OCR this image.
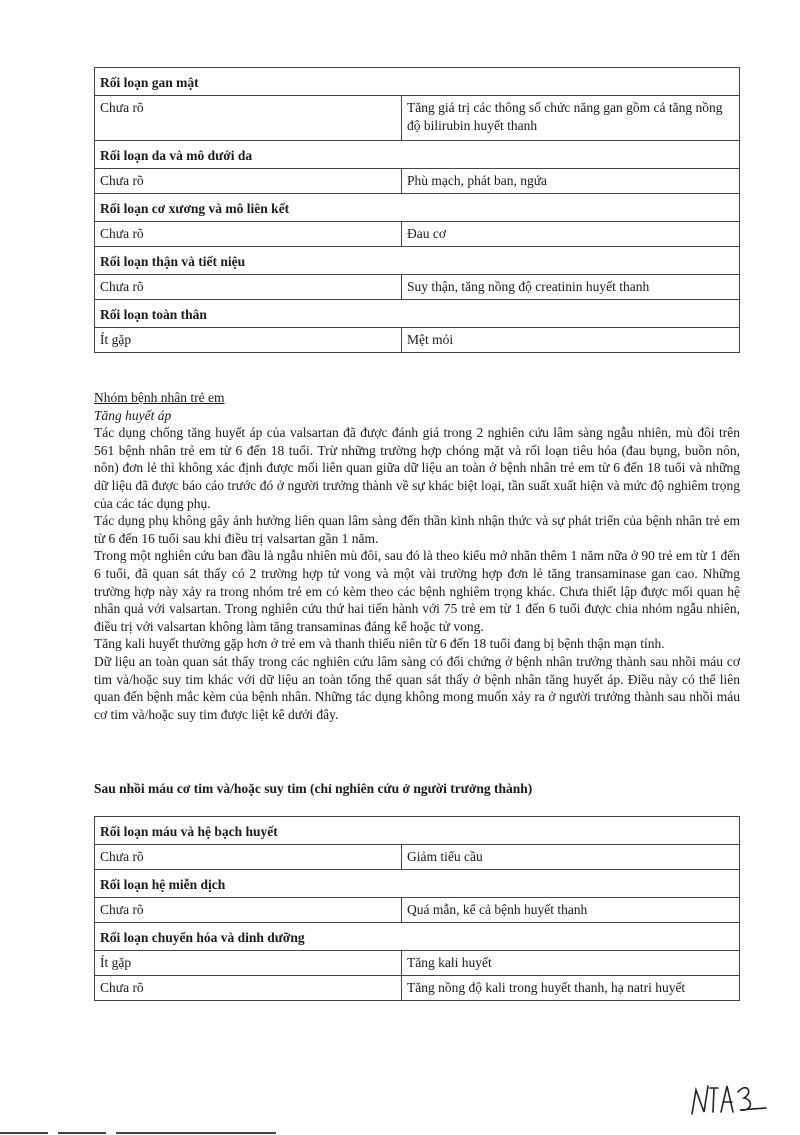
Rối loạn gan mật	
Chưa rõ	Tăng giá trị các thông số chức năng gan gồm cả tăng nồng độ bilirubin huyết thanh
Rối loạn da và mô dưới da	
Chưa rõ	Phù mạch, phát ban, ngứa
Rối loạn cơ xương và mô liên kết	
Chưa rõ	Đau cơ
Rối loạn thận và tiết niệu	
Chưa rõ	Suy thận, tăng nồng độ creatinin huyết thanh
Rối loạn toàn thân	
Ít gặp	Mệt mỏi

Nhóm bệnh nhân trẻ em

Tăng huyết áp

Tác dụng chống tăng huyết áp của valsartan đã được đánh giá trong 2 nghiên cứu lâm sàng ngẫu nhiên, mù đôi trên 561 bệnh nhân trẻ em từ 6 đến 18 tuổi. Trừ những trường hợp chóng mặt và rối loạn tiêu hóa (đau bụng, buồn nôn, nôn) đơn lẻ thì không xác định được mối liên quan giữa dữ liệu an toàn ở bệnh nhân trẻ em từ 6 đến 18 tuổi và những dữ liệu đã được báo cáo trước đó ở người trưởng thành về sự khác biệt loại, tần suất xuất hiện và mức độ nghiêm trọng của các tác dụng phụ.

Tác dụng phụ không gây ảnh hưởng liên quan lâm sàng đến thần kinh nhận thức và sự phát triển của bệnh nhân trẻ em từ 6 đến 16 tuổi sau khi điều trị valsartan gần 1 năm.

Trong một nghiên cứu ban đầu là ngẫu nhiên mù đôi, sau đó là theo kiểu mở nhãn thêm 1 năm nữa ở 90 trẻ em từ 1 đến 6 tuổi, đã quan sát thấy có 2 trường hợp tử vong và một vài trường hợp đơn lẻ tăng transaminase gan cao. Những trường hợp này xảy ra trong nhóm trẻ em có kèm theo các bệnh nghiêm trọng khác. Chưa thiết lập được mối quan hệ nhân quả với valsartan. Trong nghiên cứu thứ hai tiến hành với 75 trẻ em từ 1 đến 6 tuổi được chia nhóm ngẫu nhiên, điều trị với valsartan không làm tăng transaminas đáng kể hoặc tử vong.

Tăng kali huyết thường gặp hơn ở trẻ em và thanh thiếu niên từ 6 đến 18 tuổi đang bị bệnh thận mạn tính.

Dữ liệu an toàn quan sát thấy trong các nghiên cứu lâm sàng có đối chứng ở bệnh nhân trưởng thành sau nhồi máu cơ tim và/hoặc suy tim khác với dữ liệu an toàn tổng thể quan sát thấy ở bệnh nhân tăng huyết áp. Điều này có thể liên quan đến bệnh mắc kèm của bệnh nhân. Những tác dụng không mong muốn xảy ra ở người trưởng thành sau nhồi máu cơ tim và/hoặc suy tim được liệt kê dưới đây.

Sau nhồi máu cơ tim và/hoặc suy tim (chỉ nghiên cứu ở người trưởng thành)
Rối loạn máu và hệ bạch huyết	
Chưa rõ	Giảm tiểu cầu
Rối loạn hệ miễn dịch	
Chưa rõ	Quá mẫn, kể cả bệnh huyết thanh
Rối loạn chuyển hóa và dinh dưỡng	
Ít gặp	Tăng kali huyết
Chưa rõ	Tăng nồng độ kali trong huyết thanh, hạ natri huyết
